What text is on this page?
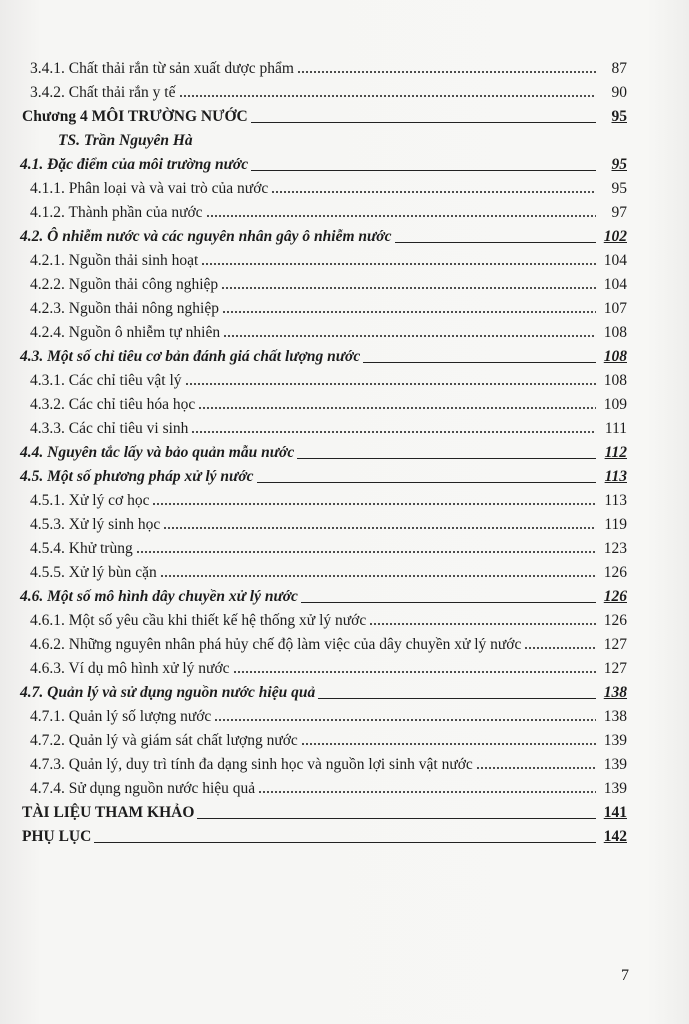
3.4.1. Chất thải rắn từ sản xuất dược phẩm	87
3.4.2. Chất thải rắn y tế	90
Chương 4 MÔI TRƯỜNG NƯỚC	95
TS. Trần Nguyên Hà
4.1. Đặc điểm của môi trường nước	95
4.1.1. Phân loại và và vai trò của nước	95
4.1.2. Thành phần của nước	97
4.2. Ô nhiễm nước và các nguyên nhân gây ô nhiễm nước	102
4.2.1. Nguồn thải sinh hoạt	104
4.2.2. Nguồn thải công nghiệp	104
4.2.3. Nguồn thải nông nghiệp	107
4.2.4. Nguồn ô nhiễm tự nhiên	108
4.3. Một số chỉ tiêu cơ bản đánh giá chất lượng nước	108
4.3.1. Các chỉ tiêu vật lý	108
4.3.2. Các chỉ tiêu hóa học	109
4.3.3. Các chỉ tiêu vi sinh	111
4.4. Nguyên tắc lấy và bảo quản mẫu nước	112
4.5. Một số phương pháp xử lý nước	113
4.5.1. Xử lý cơ học	113
4.5.3. Xử lý sinh học	119
4.5.4. Khử trùng	123
4.5.5. Xử lý bùn cặn	126
4.6. Một số mô hình dây chuyền xử lý nước	126
4.6.1. Một số yêu cầu khi thiết kế hệ thống xử lý nước	126
4.6.2. Những nguyên nhân phá hủy chế độ làm việc của dây chuyền xử lý nước	127
4.6.3. Ví dụ mô hình xử lý nước	127
4.7. Quản lý và sử dụng nguồn nước hiệu quả	138
4.7.1. Quản lý số lượng nước	138
4.7.2. Quản lý và giám sát chất lượng nước	139
4.7.3. Quản lý, duy trì tính đa dạng sinh học và nguồn lợi sinh vật nước	139
4.7.4. Sử dụng nguồn nước hiệu quả	139
TÀI LIỆU THAM KHẢO	141
PHỤ LỤC	142
7
